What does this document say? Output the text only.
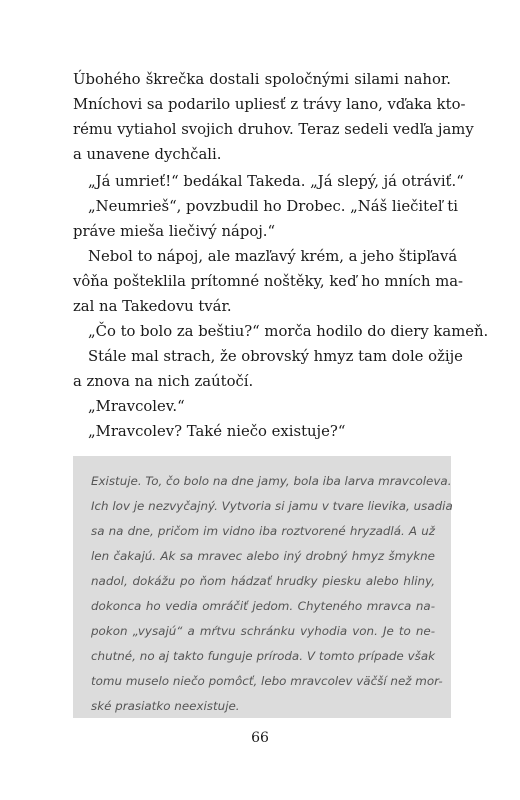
Úbohého škrečka dostali spoločnými silami nahor.
Mníchovi sa podarilo upliesť z trávy lano, vďaka kto-
rému vytiahol svojich druhov. Teraz sedeli vedľa jamy
a unavene dychčali.
„Já umrieť!“ bedákal Takeda. „Já slepý, já otráviť.“
„Neumrieš“, povzbudil ho Drobec. „Náš liečiteľ ti
práve mieša liečivý nápoj.“
Nebol to nápoj, ale mazľavý krém, a jeho štipľavá
vôňa pošteklila prítomné noštěky, keď ho mních ma-
zal na Takedovu tvár.
„Čo to bolo za beštiu?“ morča hodilo do diery kameň.
Stále mal strach, že obrovský hmyz tam dole ožije
a znova na nich zaútočí.
„Mravcolev.“
„Mravcolev? Také niečo existuje?“
Existuje. To, čo bolo na dne jamy, bola iba larva mravcoleva.
Ich lov je nezvyčajný. Vytvoria si jamu v tvare lievika, usadia
sa na dne, pričom im vidno iba roztvorené hryzadlá. A už
len čakajú. Ak sa mravec alebo iný drobný hmyz šmykne
nadol, dokážu po ňom hádzať hrudky piesku alebo hliny,
dokonca ho vedia omráčiť jedom. Chyteného mravca na-
pokon „vysajú“ a mŕtvu schránku vyhodia von. Je to ne-
chutné, no aj takto funguje príroda. V tomto prípade však
tomu muselo niečo pomôcť, lebo mravcolev väčší než mor-
ské prasiatko neexistuje.
66
